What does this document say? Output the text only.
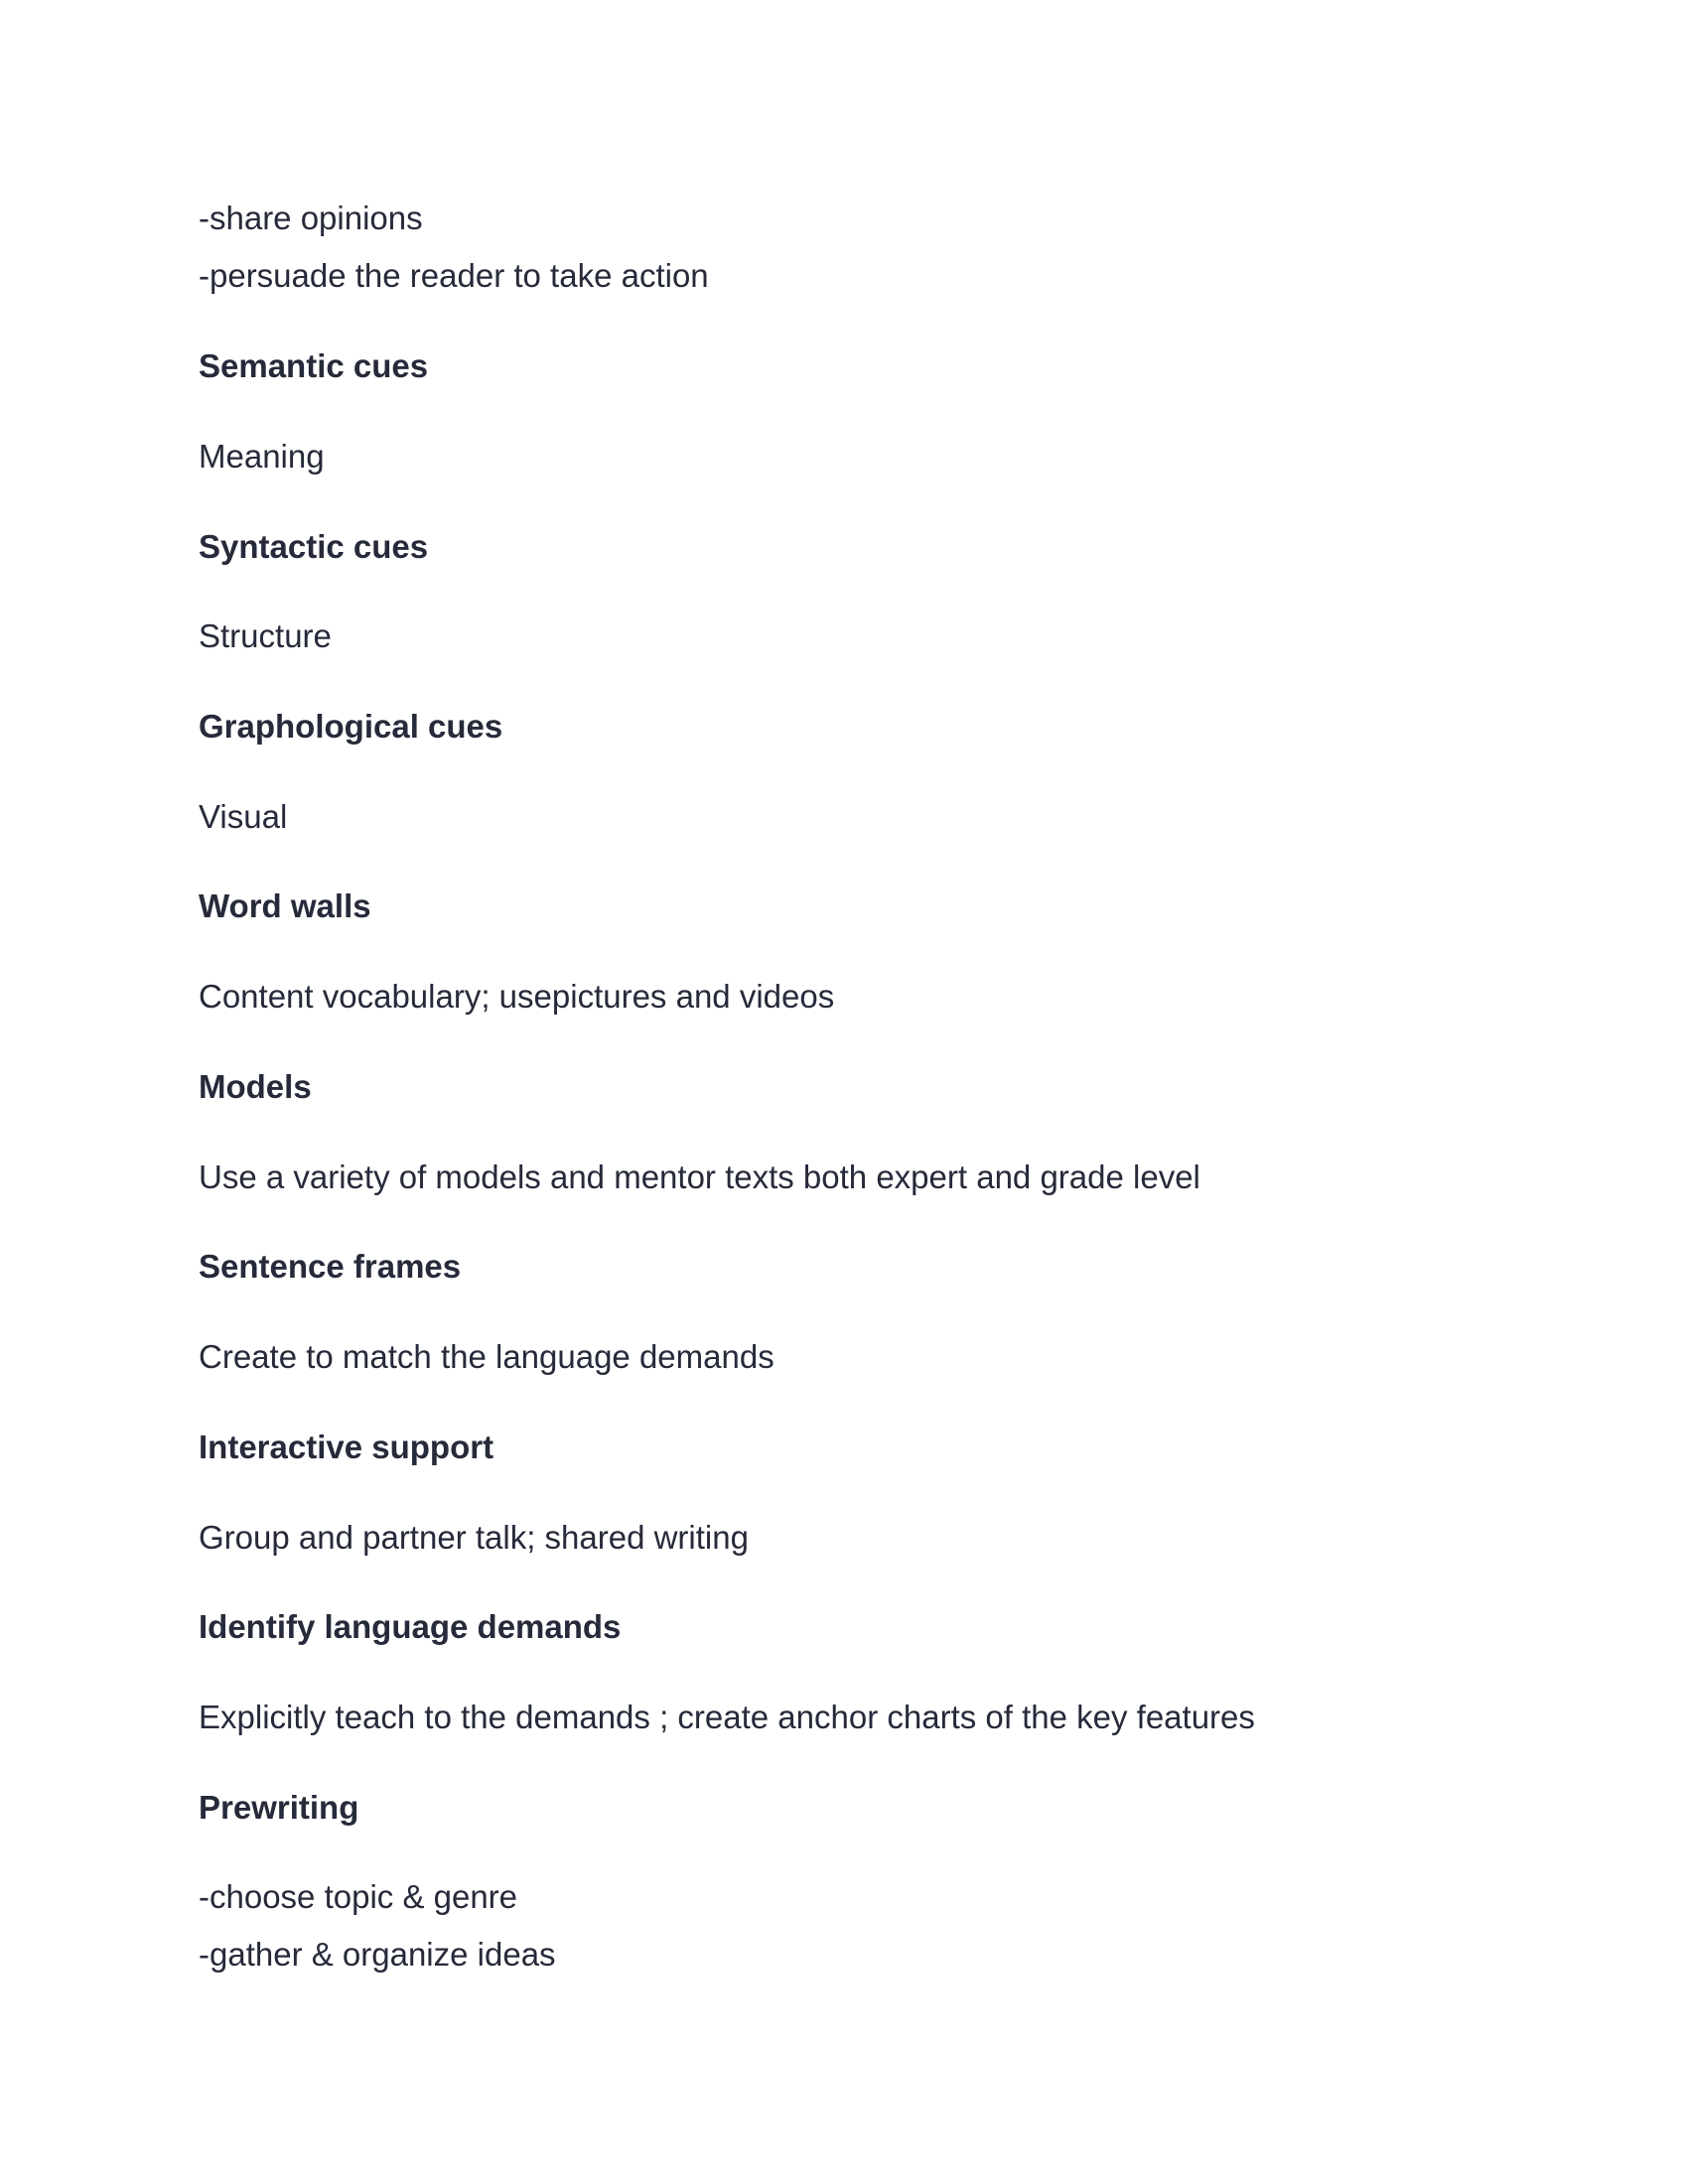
-share opinions

-persuade the reader to take action

Semantic cues

Meaning

Syntactic cues

Structure

Graphological cues

Visual

Word walls

Content vocabulary; usepictures and videos

Models

Use a variety of models and mentor texts both expert and grade level

Sentence frames

Create to match the language demands

Interactive support

Group and partner talk; shared writing

Identify language demands

Explicitly teach to the demands ; create anchor charts of the key features

Prewriting

-choose topic & genre

-gather & organize ideas
